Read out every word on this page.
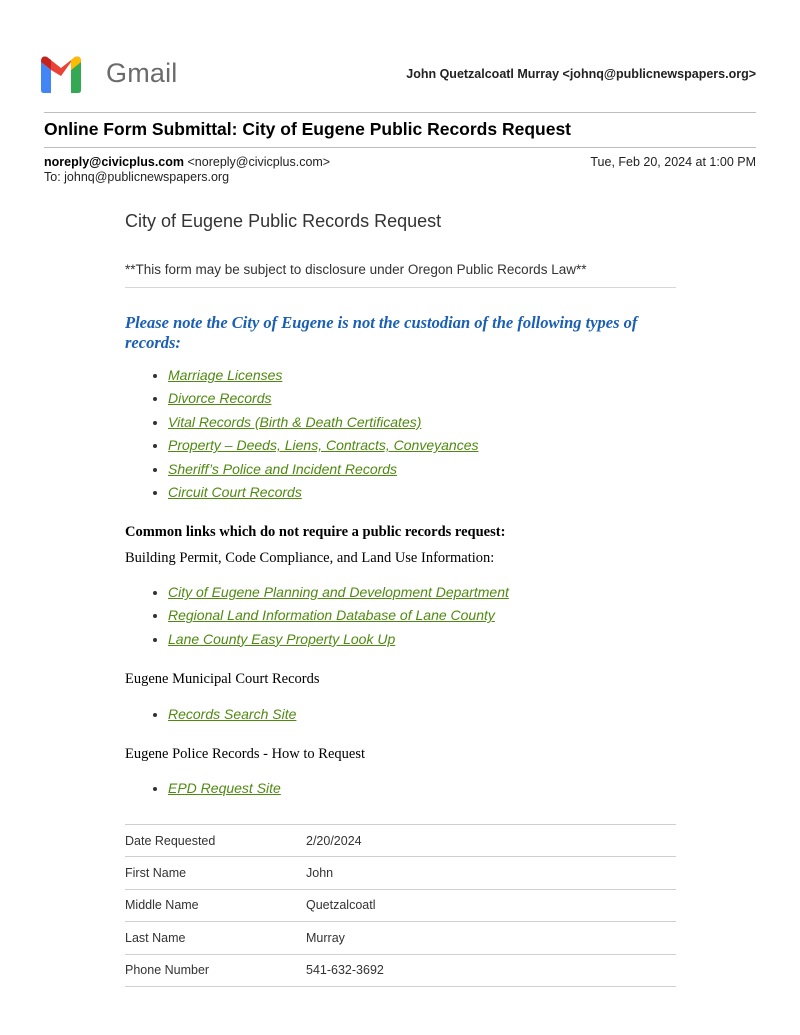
Gmail	John Quetzalcoatl Murray <johnq@publicnewspapers.org>
Online Form Submittal: City of Eugene Public Records Request
noreply@civicplus.com <noreply@civicplus.com>	Tue, Feb 20, 2024 at 1:00 PM
To: johnq@publicnewspapers.org
City of Eugene Public Records Request
**This form may be subject to disclosure under Oregon Public Records Law**
Please note the City of Eugene is not the custodian of the following types of records:
• Marriage Licenses
• Divorce Records
• Vital Records (Birth & Death Certificates)
• Property – Deeds, Liens, Contracts, Conveyances
• Sheriff’s Police and Incident Records
• Circuit Court Records
Common links which do not require a public records request:
Building Permit, Code Compliance, and Land Use Information:
• City of Eugene Planning and Development Department
• Regional Land Information Database of Lane County
• Lane County Easy Property Look Up
Eugene Municipal Court Records
• Records Search Site
Eugene Police Records - How to Request
• EPD Request Site
Date Requested	2/20/2024
First Name	John
Middle Name	Quetzalcoatl
Last Name	Murray
Phone Number	541-632-3692
